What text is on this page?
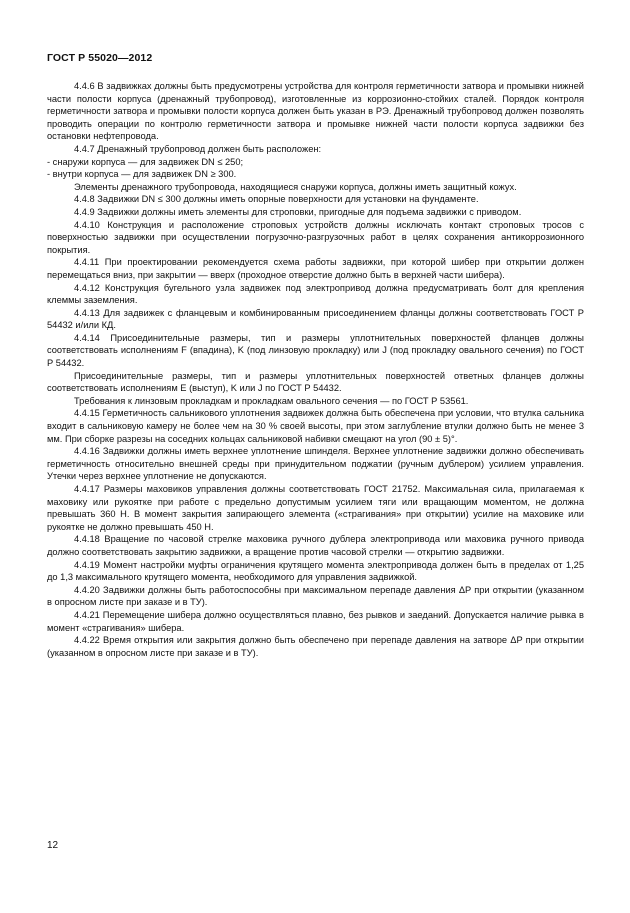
ГОСТ Р 55020—2012

4.4.6 В задвижках должны быть предусмотрены устройства для контроля герметичности затвора и промывки нижней части полости корпуса (дренажный трубопровод), изготовленные из коррозионно-стойких сталей. Порядок контроля герметичности затвора и промывки полости корпуса должен быть указан в РЭ. Дренажный трубопровод должен позволять проводить операции по контролю герметичности затвора и промывке нижней части полости корпуса задвижки без остановки нефтепровода.

4.4.7 Дренажный трубопровод должен быть расположен:

- снаружи корпуса — для задвижек DN ≤ 250;

- внутри корпуса — для задвижек DN ≥ 300.

Элементы дренажного трубопровода, находящиеся снаружи корпуса, должны иметь защитный кожух.

4.4.8 Задвижки DN ≤ 300 должны иметь опорные поверхности для установки на фундаменте.

4.4.9 Задвижки должны иметь элементы для строповки, пригодные для подъема задвижки с приводом.

4.4.10 Конструкция и расположение строповых устройств должны исключать контакт строповых тросов с поверхностью задвижки при осуществлении погрузочно-разгрузочных работ в целях сохранения антикоррозионного покрытия.

4.4.11 При проектировании рекомендуется схема работы задвижки, при которой шибер при открытии должен перемещаться вниз, при закрытии — вверх (проходное отверстие должно быть в верхней части шибера).

4.4.12 Конструкция бугельного узла задвижек под электропривод должна предусматривать болт для крепления клеммы заземления.

4.4.13 Для задвижек с фланцевым и комбинированным присоединением фланцы должны соответствовать ГОСТ Р 54432 и/или КД.

4.4.14 Присоединительные размеры, тип и размеры уплотнительных поверхностей фланцев должны соответствовать исполнениям F (впадина), K (под линзовую прокладку) или J (под прокладку овального сечения) по ГОСТ Р 54432.

Присоединительные размеры, тип и размеры уплотнительных поверхностей ответных фланцев должны соответствовать исполнениям E (выступ), K или J по ГОСТ Р 54432.

Требования к линзовым прокладкам и прокладкам овального сечения — по ГОСТ Р 53561.

4.4.15 Герметичность сальникового уплотнения задвижек должна быть обеспечена при условии, что втулка сальника входит в сальниковую камеру не более чем на 30 % своей высоты, при этом заглубление втулки должно быть не менее 3 мм. При сборке разрезы на соседних кольцах сальниковой набивки смещают на угол (90 ± 5)°.

4.4.16 Задвижки должны иметь верхнее уплотнение шпинделя. Верхнее уплотнение задвижки должно обеспечивать герметичность относительно внешней среды при принудительном поджатии (ручным дублером) усилием управления. Утечки через верхнее уплотнение не допускаются.

4.4.17 Размеры маховиков управления должны соответствовать ГОСТ 21752. Максимальная сила, прилагаемая к маховику или рукоятке при работе с предельно допустимым усилием тяги или вращающим моментом, не должна превышать 360 Н. В момент закрытия запирающего элемента («страгивания» при открытии) усилие на маховике или рукоятке не должно превышать 450 Н.

4.4.18 Вращение по часовой стрелке маховика ручного дублера электропривода или маховика ручного привода должно соответствовать закрытию задвижки, а вращение против часовой стрелки — открытию задвижки.

4.4.19 Момент настройки муфты ограничения крутящего момента электропривода должен быть в пределах от 1,25 до 1,3 максимального крутящего момента, необходимого для управления задвижкой.

4.4.20 Задвижки должны быть работоспособны при максимальном перепаде давления ΔP при открытии (указанном в опросном листе при заказе и в ТУ).

4.4.21 Перемещение шибера должно осуществляться плавно, без рывков и заеданий. Допускается наличие рывка в момент «страгивания» шибера.

4.4.22 Время открытия или закрытия должно быть обеспечено при перепаде давления на затворе ΔP при открытии (указанном в опросном листе при заказе и в ТУ).

12
